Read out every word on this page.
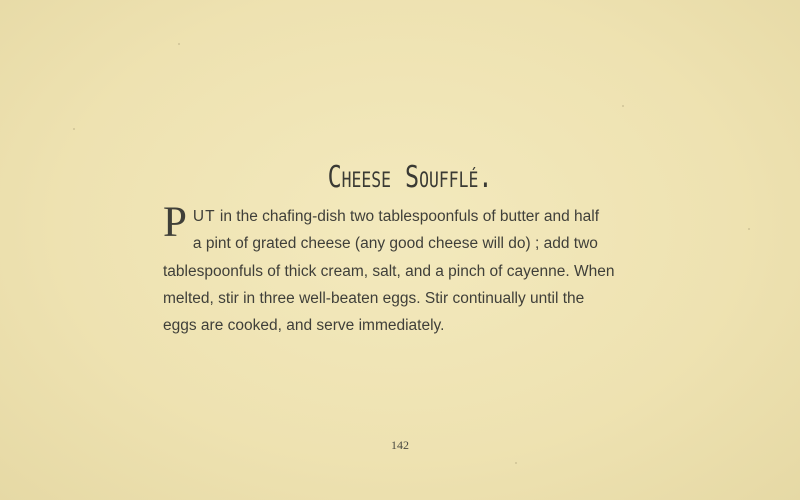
Cheese Soufflé.
P UT in the chafing-dish two tablespoonfuls of butter and half
a pint of grated cheese (any good cheese will do) ; add two
tablespoonfuls of thick cream, salt, and a pinch of cayenne. When
melted, stir in three well-beaten eggs. Stir continually until the
eggs are cooked, and serve immediately.
142
